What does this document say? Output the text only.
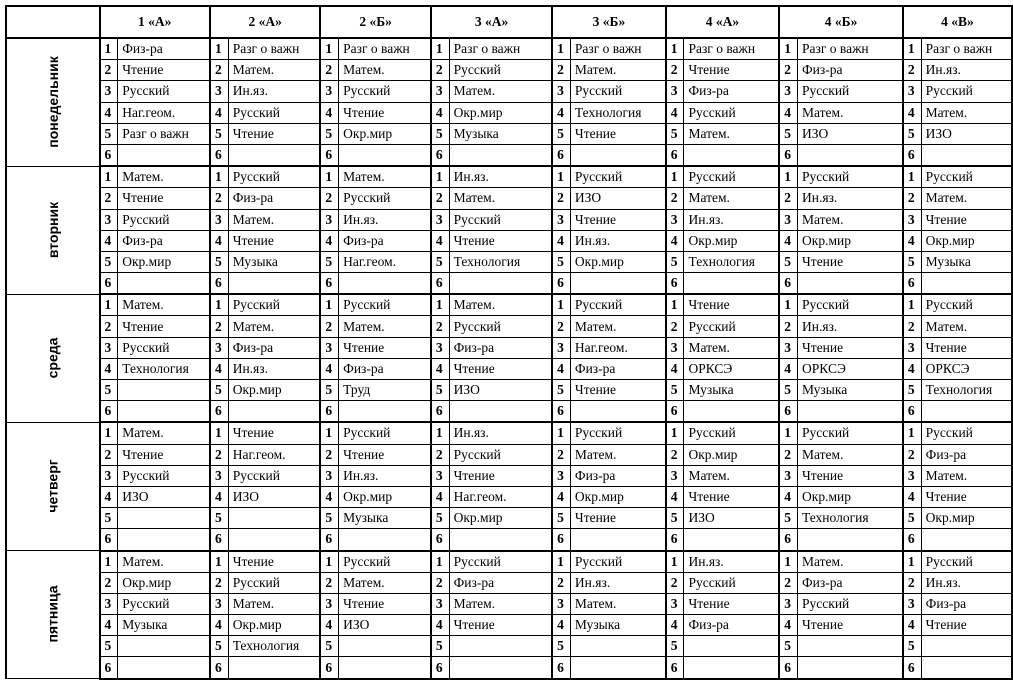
	1 «А»		2 «А»		2 «Б»		3 «А»		3 «Б»		4 «А»		4 «Б»		4 «В»	
понедельник	1	Физ-ра	1	Разг о важн	1	Разг о важн	1	Разг о важн	1	Разг о важн	1	Разг о важн	1	Разг о важн	1	Разг о важн
	2	Чтение	2	Матем.	2	Матем.	2	Русский	2	Матем.	2	Чтение	2	Физ-ра	2	Ин.яз.
	3	Русский	3	Ин.яз.	3	Русский	3	Матем.	3	Русский	3	Физ-ра	3	Русский	3	Русский
	4	Наг.геом.	4	Русский	4	Чтение	4	Окр.мир	4	Технология	4	Русский	4	Матем.	4	Матем.
	5	Разг о важн	5	Чтение	5	Окр.мир	5	Музыка	5	Чтение	5	Матем.	5	ИЗО	5	ИЗО
	6		6		6		6		6		6		6		6	
вторник	1	Матем.	1	Русский	1	Матем.	1	Ин.яз.	1	Русский	1	Русский	1	Русский	1	Русский
	2	Чтение	2	Физ-ра	2	Русский	2	Матем.	2	ИЗО	2	Матем.	2	Ин.яз.	2	Матем.
	3	Русский	3	Матем.	3	Ин.яз.	3	Русский	3	Чтение	3	Ин.яз.	3	Матем.	3	Чтение
	4	Физ-ра	4	Чтение	4	Физ-ра	4	Чтение	4	Ин.яз.	4	Окр.мир	4	Окр.мир	4	Окр.мир
	5	Окр.мир	5	Музыка	5	Наг.геом.	5	Технология	5	Окр.мир	5	Технология	5	Чтение	5	Музыка
	6		6		6		6		6		6		6		6	
среда	1	Матем.	1	Русский	1	Русский	1	Матем.	1	Русский	1	Чтение	1	Русский	1	Русский
	2	Чтение	2	Матем.	2	Матем.	2	Русский	2	Матем.	2	Русский	2	Ин.яз.	2	Матем.
	3	Русский	3	Физ-ра	3	Чтение	3	Физ-ра	3	Наг.геом.	3	Матем.	3	Чтение	3	Чтение
	4	Технология	4	Ин.яз.	4	Физ-ра	4	Чтение	4	Физ-ра	4	ОРКСЭ	4	ОРКСЭ	4	ОРКСЭ
	5		5	Окр.мир	5	Труд	5	ИЗО	5	Чтение	5	Музыка	5	Музыка	5	Технология
	6		6		6		6		6		6		6		6	
четверг	1	Матем.	1	Чтение	1	Русский	1	Ин.яз.	1	Русский	1	Русский	1	Русский	1	Русский
	2	Чтение	2	Наг.геом.	2	Чтение	2	Русский	2	Матем.	2	Окр.мир	2	Матем.	2	Физ-ра
	3	Русский	3	Русский	3	Ин.яз.	3	Чтение	3	Физ-ра	3	Матем.	3	Чтение	3	Матем.
	4	ИЗО	4	ИЗО	4	Окр.мир	4	Наг.геом.	4	Окр.мир	4	Чтение	4	Окр.мир	4	Чтение
	5		5		5	Музыка	5	Окр.мир	5	Чтение	5	ИЗО	5	Технология	5	Окр.мир
	6		6		6		6		6		6		6		6	
пятница	1	Матем.	1	Чтение	1	Русский	1	Русский	1	Русский	1	Ин.яз.	1	Матем.	1	Русский
	2	Окр.мир	2	Русский	2	Матем.	2	Физ-ра	2	Ин.яз.	2	Русский	2	Физ-ра	2	Ин.яз.
	3	Русский	3	Матем.	3	Чтение	3	Матем.	3	Матем.	3	Чтение	3	Русский	3	Физ-ра
	4	Музыка	4	Окр.мир	4	ИЗО	4	Чтение	4	Музыка	4	Физ-ра	4	Чтение	4	Чтение
	5		5	Технология	5		5		5		5		5		5	
	6		6		6		6		6		6		6		6	
